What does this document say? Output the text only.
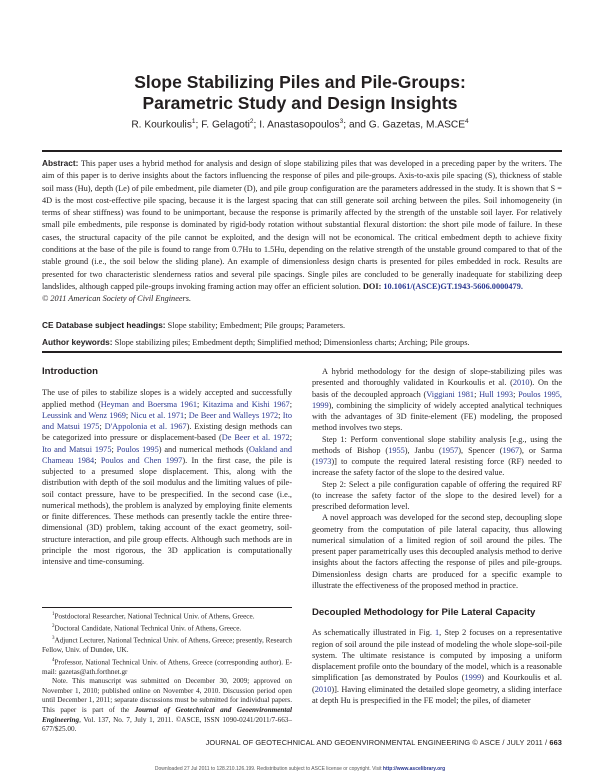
Slope Stabilizing Piles and Pile-Groups:
Parametric Study and Design Insights
R. Kourkoulis$^1$; F. Gelagoti$^2$; I. Anastasopoulos$^3$; and G. Gazetas, M.ASCE$^4$
Abstract: This paper uses a hybrid method for analysis and design of slope stabilizing piles that was developed in a preceding paper by the writers. The aim of this paper is to derive insights about the factors influencing the response of piles and pile-groups. Axis-to-axis pile spacing (S), thickness of stable soil mass (Hu), depth (Le) of pile embedment, pile diameter (D), and pile group configuration are the parameters addressed in the study. It is shown that S = 4D is the most cost-effective pile spacing, because it is the largest spacing that can still generate soil arching between the piles. Soil inhomogeneity (in terms of shear stiffness) was found to be unimportant, because the response is primarily affected by the strength of the unstable soil layer. For relatively small pile embedments, pile response is dominated by rigid-body rotation without substantial flexural distortion: the short pile mode of failure. In these cases, the structural capacity of the pile cannot be exploited, and the design will not be economical. The critical embedment depth to achieve fixity conditions at the base of the pile is found to range from 0.7Hu to 1.5Hu, depending on the relative strength of the unstable ground compared to that of the stable ground (i.e., the soil below the sliding plane). An example of dimensionless design charts is presented for piles embedded in rock. Results are presented for two characteristic slenderness ratios and several pile spacings. Single piles are concluded to be generally inadequate for stabilizing deep landslides, although capped pile-groups invoking framing action may offer an efficient solution. DOI: 10.1061/(ASCE)GT.1943-5606.0000479.
© 2011 American Society of Civil Engineers.
CE Database subject headings: Slope stability; Embedment; Pile groups; Parameters.
Author keywords: Slope stabilizing piles; Embedment depth; Simplified method; Dimensionless charts; Arching; Pile groups.
Introduction

The use of piles to stabilize slopes is a widely accepted and successfully applied method (Heyman and Boersma 1961; Kitazima and Kishi 1967; Leussink and Wenz 1969; Nicu et al. 1971; De Beer and Walleys 1972; Ito and Matsui 1975; D'Appolonia et al. 1967). Existing design methods can be categorized into pressure or displacement-based (De Beer et al. 1972; Ito and Matsui 1975; Poulos 1995) and numerical methods (Oakland and Chameau 1984; Poulos and Chen 1997). In the first case, the pile is subjected to a presumed slope displacement. This, along with the distribution with depth of the soil modulus and the limiting values of pile-soil contact pressure, have to be prespecified. In the second case (i.e., numerical methods), the problem is analyzed by employing finite elements or finite differences. These methods can presently tackle the entire three-dimensional (3D) problem, taking account of the exact geometry, soil-structure interaction, and pile group effects. Although such methods are in principle the most rigorous, the 3D application is computationally intensive and time-consuming.

$^1$Postdoctoral Researcher, National Technical Univ. of Athens, Greece.

$^2$Doctoral Candidate, National Technical Univ. of Athens, Greece.

$^3$Adjunct Lecturer, National Technical Univ. of Athens, Greece; presently, Research Fellow, Univ. of Dundee, UK.

$^4$Professor, National Technical Univ. of Athens, Greece (corresponding author). E-mail: gazetas@ath.forthnet.gr

Note. This manuscript was submitted on December 30, 2009; approved on November 1, 2010; published online on November 4, 2010. Discussion period open until December 1, 2011; separate discussions must be submitted for individual papers. This paper is part of the Journal of Geotechnical and Geoenvironmental Engineering, Vol. 137, No. 7, July 1, 2011. ©ASCE, ISSN 1090-0241/2011/7-663–677/$25.00.

A hybrid methodology for the design of slope-stabilizing piles was presented and thoroughly validated in Kourkoulis et al. (2010). On the basis of the decoupled approach (Viggiani 1981; Hull 1993; Poulos 1995, 1999), combining the simplicity of widely accepted analytical techniques with the advantages of 3D finite-element (FE) modeling, the proposed method involves two steps.

Step 1: Perform conventional slope stability analysis [e.g., using the methods of Bishop (1955), Janbu (1957), Spencer (1967), or Sarma (1973)] to compute the required lateral resisting force (RF) needed to increase the safety factor of the slope to the desired value.

Step 2: Select a pile configuration capable of offering the required RF (to increase the safety factor of the slope to the desired level) for a prescribed deformation level.

A novel approach was developed for the second step, decoupling slope geometry from the computation of pile lateral capacity, thus allowing numerical simulation of a limited region of soil around the piles. The present paper parametrically uses this decoupled analysis method to derive insights about the factors affecting the response of piles and pile-groups. Dimensionless design charts are produced for a specific example to illustrate the effectiveness of the proposed method in practice.

Decoupled Methodology for Pile Lateral Capacity

As schematically illustrated in Fig. 1, Step 2 focuses on a representative region of soil around the pile instead of modeling the whole slope-soil-pile system. The ultimate resistance is computed by imposing a uniform displacement profile onto the boundary of the model, which is a reasonable simplification [as demonstrated by Poulos (1999) and Kourkoulis et al. (2010)]. Having eliminated the detailed slope geometry, a sliding interface at depth Hu is prespecified in the FE model; the piles, of diameter

JOURNAL OF GEOTECHNICAL AND GEOENVIRONMENTAL ENGINEERING © ASCE / JULY 2011 / 663
Downloaded 27 Jul 2011 to 128.210.126.199. Redistribution subject to ASCE license or copyright. Visit http://www.ascelibrary.org
